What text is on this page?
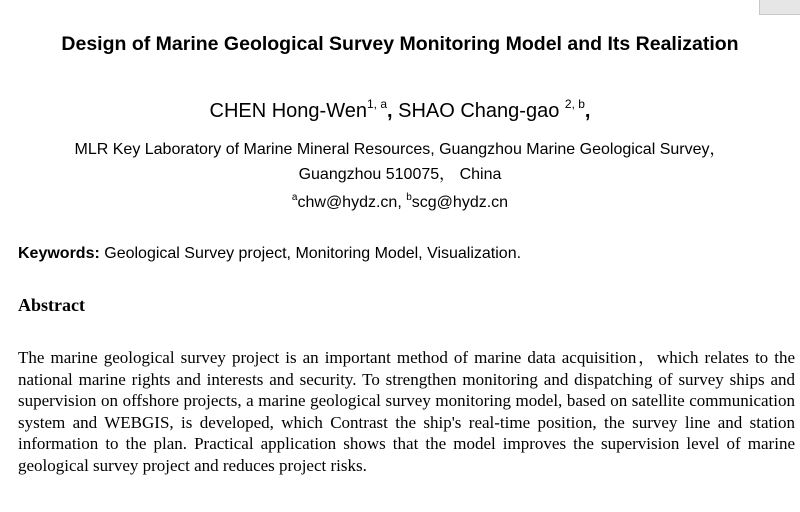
Design of Marine Geological Survey Monitoring Model and Its Realization
CHEN Hong-Wen$^{1, a}$, SHAO Chang-gao $^{2, b}$,
MLR Key Laboratory of Marine Mineral Resources, Guangzhou Marine Geological Survey，Guangzhou 510075， China
$^a$chw@hydz.cn, $^b$scg@hydz.cn
Keywords: Geological Survey project, Monitoring Model, Visualization.
Abstract
The marine geological survey project is an important method of marine data acquisition，which relates to the national marine rights and interests and security. To strengthen monitoring and dispatching of survey ships and supervision on offshore projects, a marine geological survey monitoring model, based on satellite communication system and WEBGIS, is developed, which Contrast the ship's real-time position, the survey line and station information to the plan. Practical application shows that the model improves the supervision level of marine geological survey project and reduces project risks.
